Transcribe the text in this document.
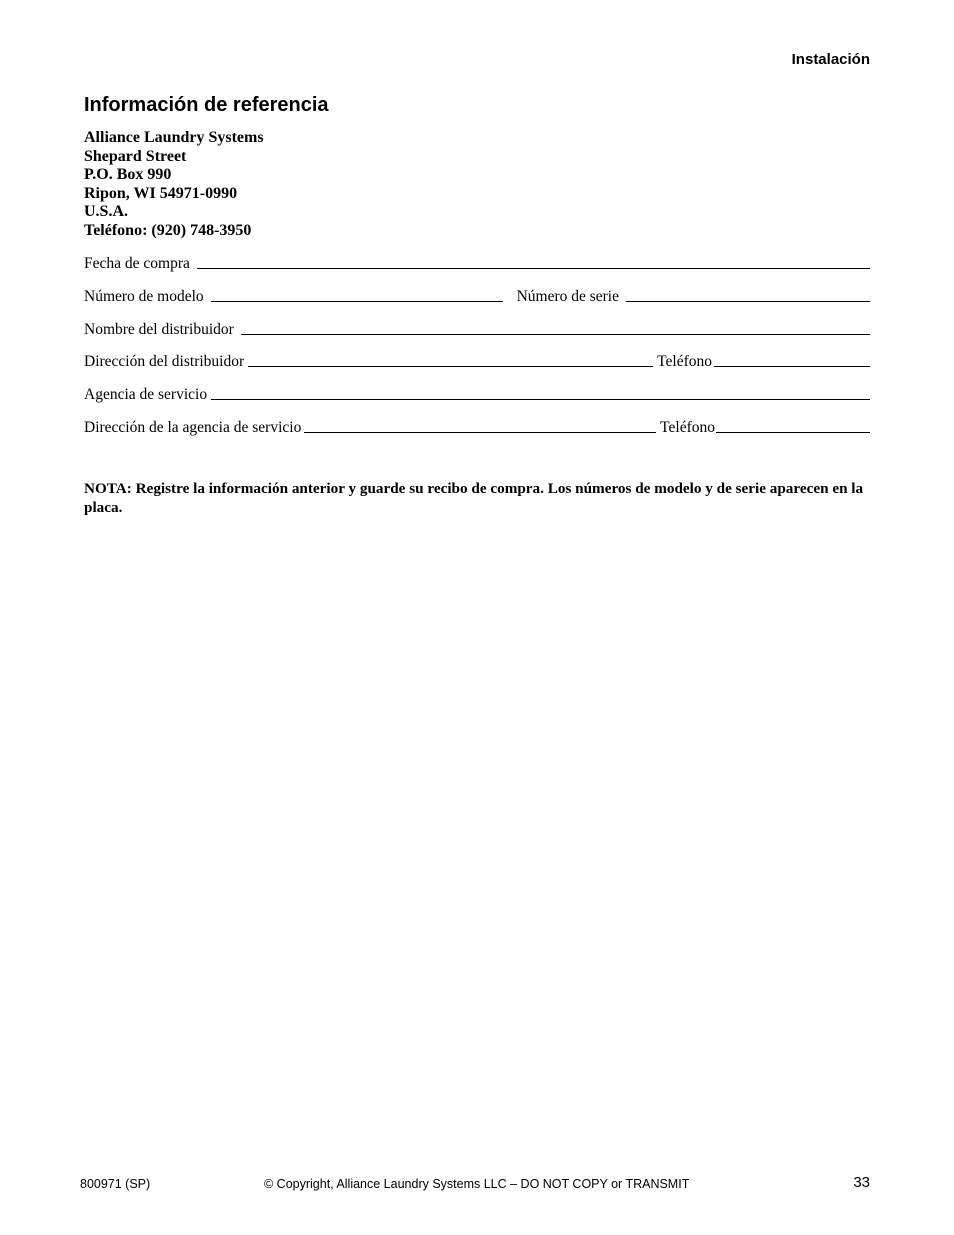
Instalación
Información de referencia
Alliance Laundry Systems
Shepard Street
P.O. Box 990
Ripon, WI 54971-0990
U.S.A.
Teléfono: (920) 748-3950
Fecha de compra
Número de modelo	Número de serie
Nombre del distribuidor
Dirección del distribuidor	Teléfono
Agencia de servicio
Dirección de la agencia de servicio	Teléfono
NOTA: Registre la información anterior y guarde su recibo de compra. Los números de modelo y de serie aparecen en la placa.
800971 (SP)	© Copyright, Alliance Laundry Systems LLC – DO NOT COPY or TRANSMIT	33
